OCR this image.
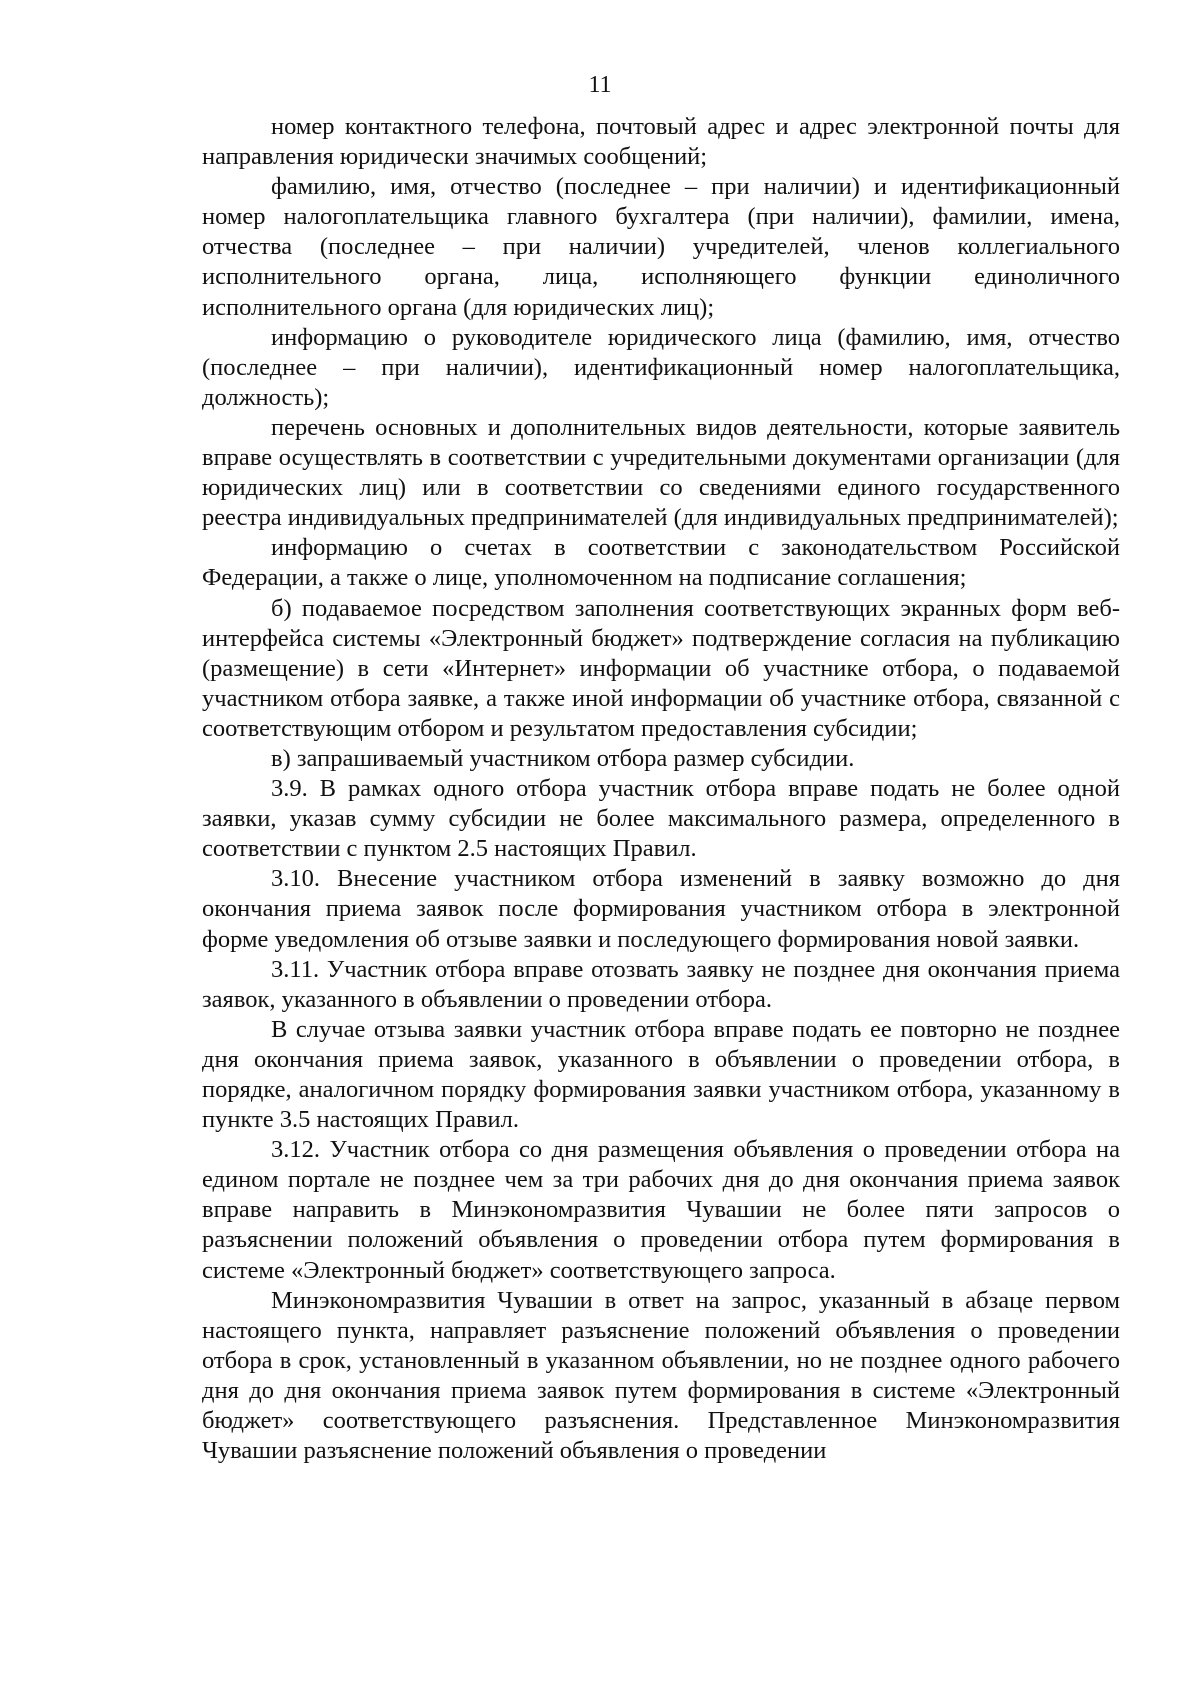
11

номер контактного телефона, почтовый адрес и адрес электронной почты для направления юридически значимых сообщений;

фамилию, имя, отчество (последнее – при наличии) и идентификационный номер налогоплательщика главного бухгалтера (при наличии), фамилии, имена, отчества (последнее – при наличии) учредителей, членов коллегиального исполнительного органа, лица, исполняющего функции единоличного исполнительного органа (для юридических лиц);

информацию о руководителе юридического лица (фамилию, имя, отчество (последнее – при наличии), идентификационный номер налогоплательщика, должность);

перечень основных и дополнительных видов деятельности, которые заявитель вправе осуществлять в соответствии с учредительными документами организации (для юридических лиц) или в соответствии со сведениями единого государственного реестра индивидуальных предпринимателей (для индивидуальных предпринимателей);

информацию о счетах в соответствии с законодательством Российской Федерации, а также о лице, уполномоченном на подписание соглашения;

б) подаваемое посредством заполнения соответствующих экранных форм веб-интерфейса системы «Электронный бюджет» подтверждение согласия на публикацию (размещение) в сети «Интернет» информации об участнике отбора, о подаваемой участником отбора заявке, а также иной информации об участнике отбора, связанной с соответствующим отбором и результатом предоставления субсидии;

в) запрашиваемый участником отбора размер субсидии.

3.9. В рамках одного отбора участник отбора вправе подать не более одной заявки, указав сумму субсидии не более максимального размера, определенного в соответствии с пунктом 2.5 настоящих Правил.

3.10. Внесение участником отбора изменений в заявку возможно до дня окончания приема заявок после формирования участником отбора в электронной форме уведомления об отзыве заявки и последующего формирования новой заявки.

3.11. Участник отбора вправе отозвать заявку не позднее дня окончания приема заявок, указанного в объявлении о проведении отбора.

В случае отзыва заявки участник отбора вправе подать ее повторно не позднее дня окончания приема заявок, указанного в объявлении о проведении отбора, в порядке, аналогичном порядку формирования заявки участником отбора, указанному в пункте 3.5 настоящих Правил.

3.12. Участник отбора со дня размещения объявления о проведении отбора на едином портале не позднее чем за три рабочих дня до дня окончания приема заявок вправе направить в Минэкономразвития Чувашии не более пяти запросов о разъяснении положений объявления о проведении отбора путем формирования в системе «Электронный бюджет» соответствующего запроса.

Минэкономразвития Чувашии в ответ на запрос, указанный в абзаце первом настоящего пункта, направляет разъяснение положений объявления о проведении отбора в срок, установленный в указанном объявлении, но не позднее одного рабочего дня до дня окончания приема заявок путем формирования в системе «Электронный бюджет» соответствующего разъяснения. Представленное Минэкономразвития Чувашии разъяснение положений объявления о проведении
